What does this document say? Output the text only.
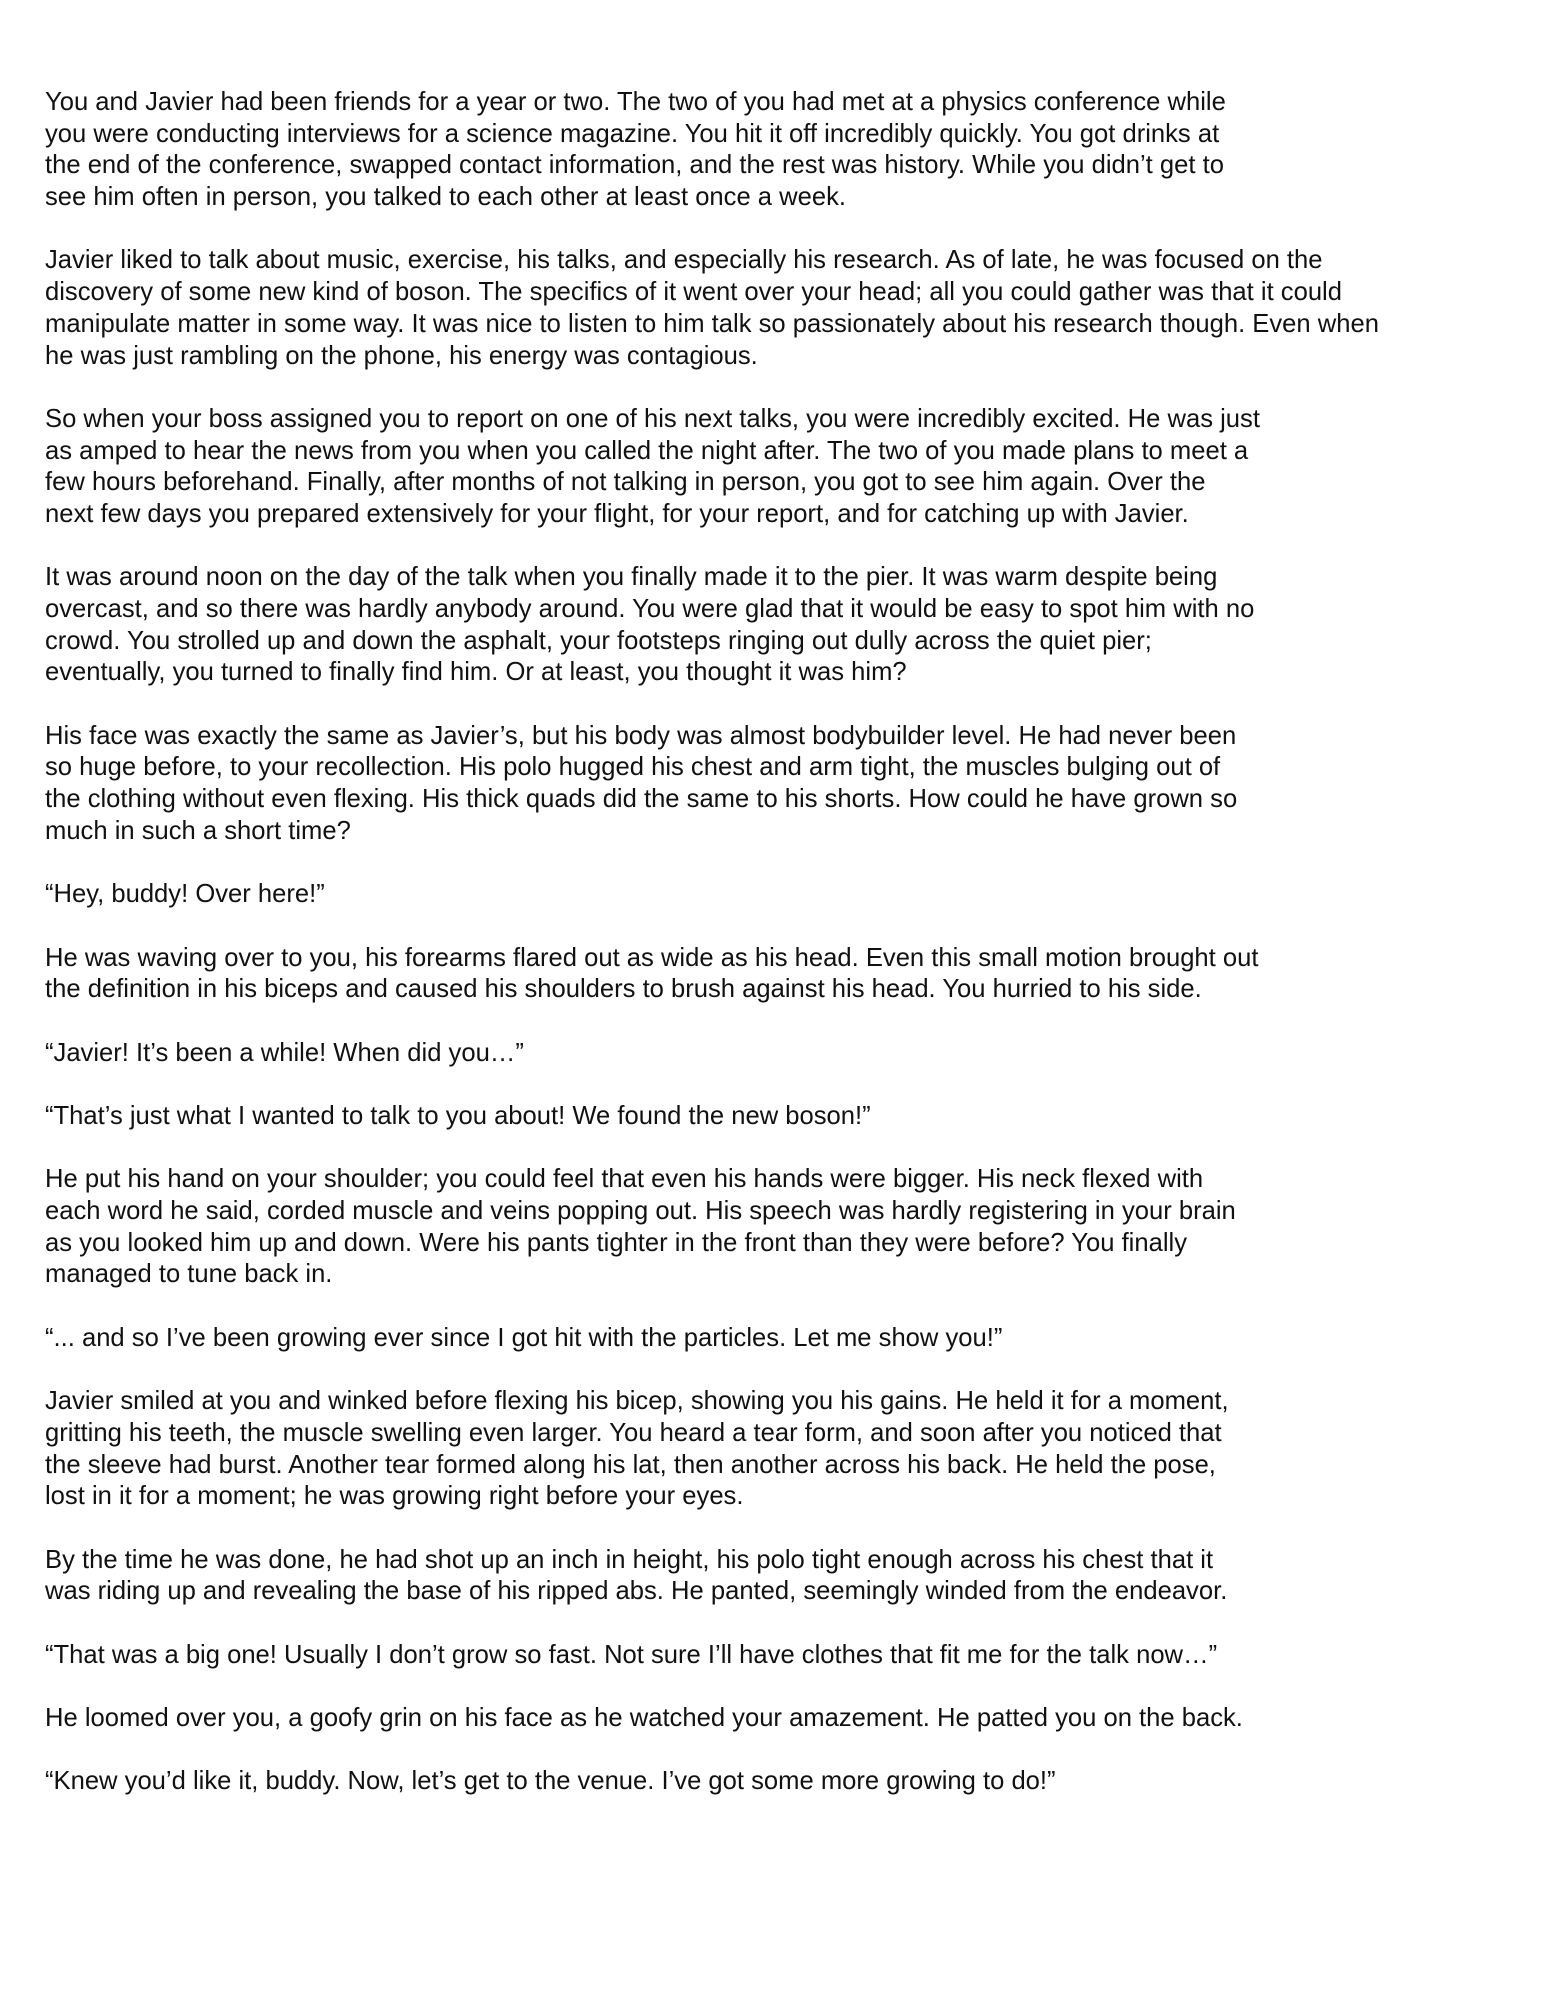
You and Javier had been friends for a year or two. The two of you had met at a physics conference while
you were conducting interviews for a science magazine. You hit it off incredibly quickly. You got drinks at
the end of the conference, swapped contact information, and the rest was history. While you didn’t get to
see him often in person, you talked to each other at least once a week.
Javier liked to talk about music, exercise, his talks, and especially his research. As of late, he was focused on the
discovery of some new kind of boson. The specifics of it went over your head; all you could gather was that it could
manipulate matter in some way. It was nice to listen to him talk so passionately about his research though. Even when
he was just rambling on the phone, his energy was contagious.
So when your boss assigned you to report on one of his next talks, you were incredibly excited. He was just
as amped to hear the news from you when you called the night after. The two of you made plans to meet a
few hours beforehand. Finally, after months of not talking in person, you got to see him again. Over the
next few days you prepared extensively for your flight, for your report, and for catching up with Javier.
It was around noon on the day of the talk when you finally made it to the pier. It was warm despite being
overcast, and so there was hardly anybody around. You were glad that it would be easy to spot him with no
crowd. You strolled up and down the asphalt, your footsteps ringing out dully across the quiet pier;
eventually, you turned to finally find him. Or at least, you thought it was him?
His face was exactly the same as Javier’s, but his body was almost bodybuilder level. He had never been
so huge before, to your recollection. His polo hugged his chest and arm tight, the muscles bulging out of
the clothing without even flexing. His thick quads did the same to his shorts. How could he have grown so
much in such a short time?
“Hey, buddy! Over here!”
He was waving over to you, his forearms flared out as wide as his head. Even this small motion brought out
the definition in his biceps and caused his shoulders to brush against his head. You hurried to his side.
“Javier! It’s been a while! When did you…”
“That’s just what I wanted to talk to you about! We found the new boson!”
He put his hand on your shoulder; you could feel that even his hands were bigger. His neck flexed with
each word he said, corded muscle and veins popping out. His speech was hardly registering in your brain
as you looked him up and down. Were his pants tighter in the front than they were before? You finally
managed to tune back in.
“... and so I’ve been growing ever since I got hit with the particles. Let me show you!”
Javier smiled at you and winked before flexing his bicep, showing you his gains. He held it for a moment,
gritting his teeth, the muscle swelling even larger. You heard a tear form, and soon after you noticed that
the sleeve had burst. Another tear formed along his lat, then another across his back. He held the pose,
lost in it for a moment; he was growing right before your eyes.
By the time he was done, he had shot up an inch in height, his polo tight enough across his chest that it
was riding up and revealing the base of his ripped abs. He panted, seemingly winded from the endeavor.
“That was a big one! Usually I don’t grow so fast. Not sure I’ll have clothes that fit me for the talk now…”
He loomed over you, a goofy grin on his face as he watched your amazement. He patted you on the back.
“Knew you’d like it, buddy. Now, let’s get to the venue. I’ve got some more growing to do!”
